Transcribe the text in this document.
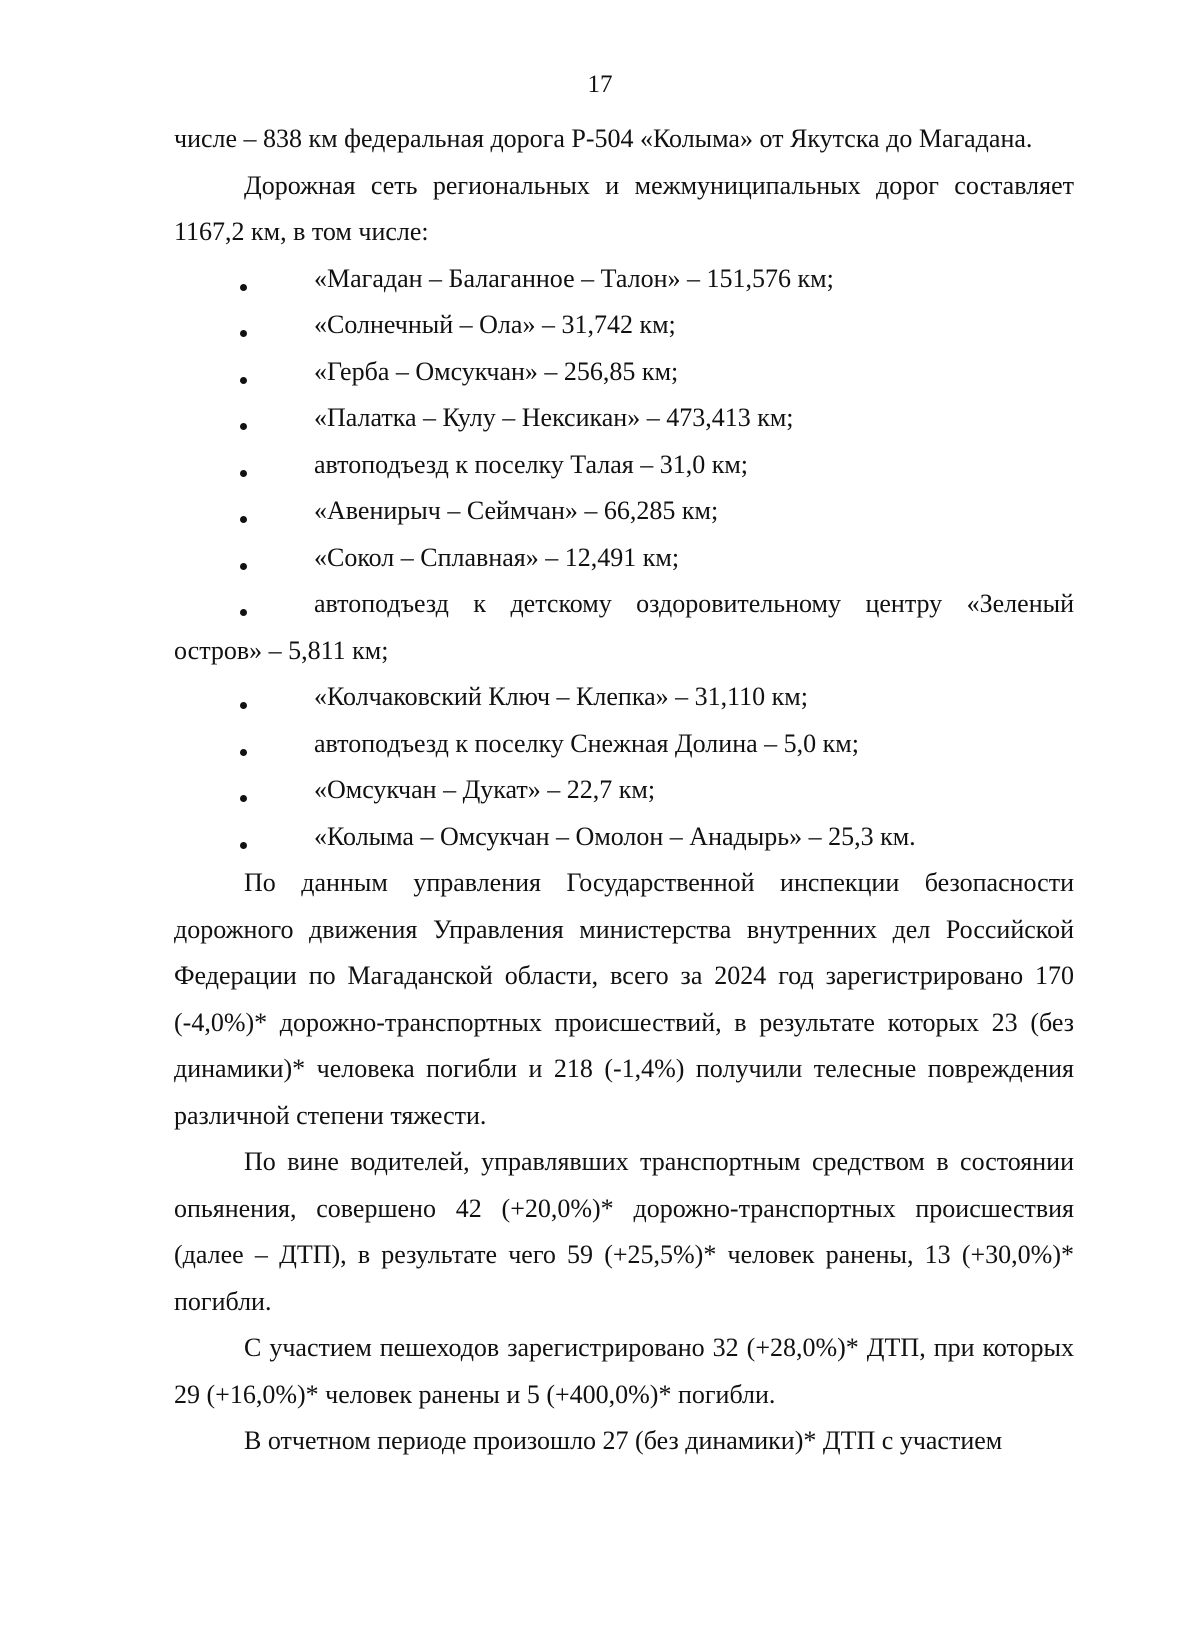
17

числе – 838 км федеральная дорога Р-504 «Колыма» от Якутска до Магадана.

Дорожная сеть региональных и межмуниципальных дорог составляет 1167,2 км, в том числе:

«Магадан – Балаганное – Талон» – 151,576 км;
«Солнечный – Ола» – 31,742 км;
«Герба – Омсукчан» – 256,85 км;
«Палатка – Кулу – Нексикан» – 473,413 км;
автоподъезд к поселку Талая – 31,0 км;
«Авенирыч – Сеймчан» – 66,285 км;
«Сокол – Сплавная» – 12,491 км;
автоподъезд к детскому оздоровительному центру «Зеленый остров» – 5,811 км;
«Колчаковский Ключ – Клепка» – 31,110 км;
автоподъезд к поселку Снежная Долина – 5,0 км;
«Омсукчан – Дукат» – 22,7 км;
«Колыма – Омсукчан – Омолон – Анадырь» – 25,3 км.

По данным управления Государственной инспекции безопасности дорожного движения Управления министерства внутренних дел Российской Федерации по Магаданской области, всего за 2024 год зарегистрировано 170 (-4,0%)* дорожно-транспортных происшествий, в результате которых 23 (без динамики)* человека погибли и 218 (-1,4%) получили телесные повреждения различной степени тяжести.

По вине водителей, управлявших транспортным средством в состоянии опьянения, совершено 42 (+20,0%)* дорожно-транспортных происшествия (далее – ДТП), в результате чего 59 (+25,5%)* человек ранены, 13 (+30,0%)* погибли.

С участием пешеходов зарегистрировано 32 (+28,0%)* ДТП, при которых 29 (+16,0%)* человек ранены и 5 (+400,0%)* погибли.

В отчетном периоде произошло 27 (без динамики)* ДТП с участием
